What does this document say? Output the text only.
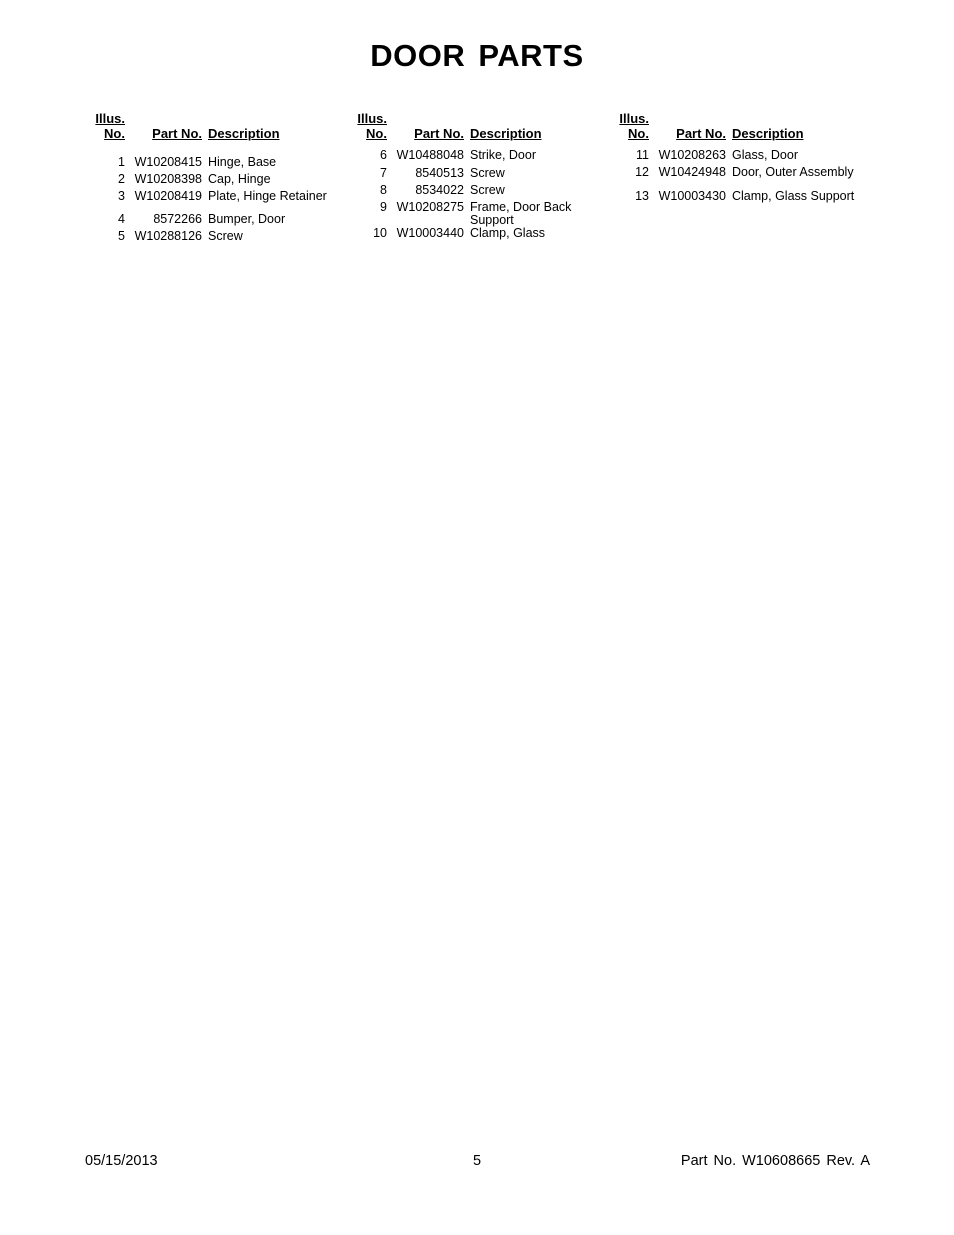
DOOR PARTS
Illus.
No.	Part No. Description
1 W10208415 Hinge, Base
2 W10208398 Cap, Hinge
3 W10208419 Plate, Hinge Retainer
4	8572266 Bumper, Door
5 W10288126 Screw
Illus.
No.	Part No. Description
6 W10488048 Strike, Door
7	8540513 Screw
8	8534022 Screw
9 W10208275 Frame, Door Back Support
10 W10003440 Clamp, Glass
Illus.
No.	Part No. Description
11 W10208263 Glass, Door
12 W10424948 Door, Outer Assembly
13 W10003430 Clamp, Glass Support
05/15/2013	5	Part No. W10608665 Rev. A
